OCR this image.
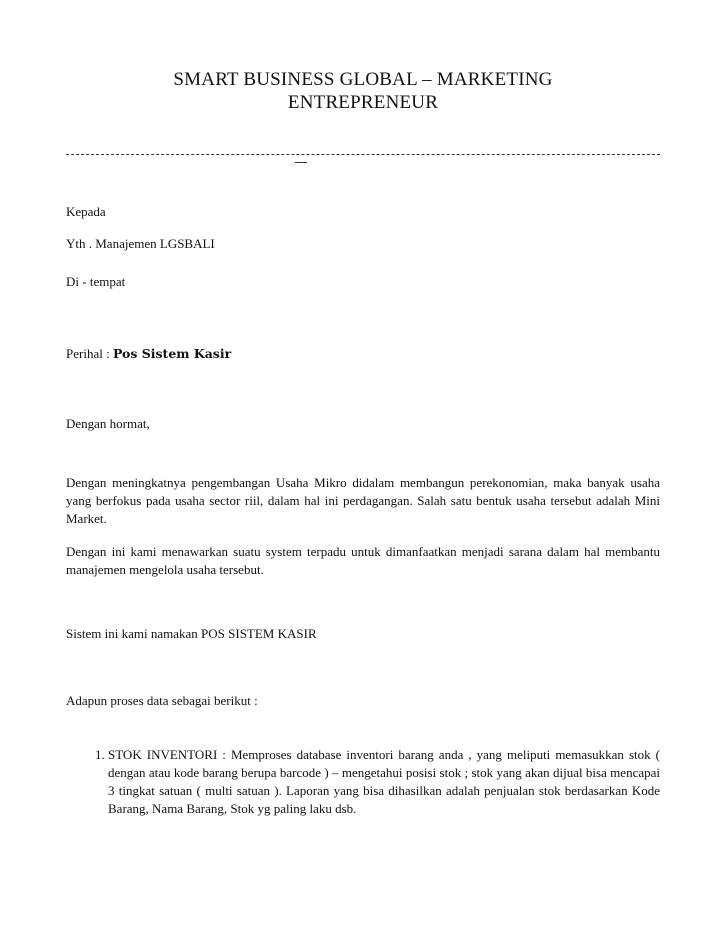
SMART BUSINESS GLOBAL – MARKETING
ENTREPRENEUR
Kepada
Yth . Manajemen LGSBALI
Di - tempat
Perihal : Pos Sistem Kasir
Dengan hormat,
Dengan meningkatnya pengembangan Usaha Mikro didalam membangun perekonomian, maka banyak usaha yang berfokus pada usaha sector riil, dalam hal ini perdagangan. Salah satu bentuk usaha tersebut adalah Mini Market.
Dengan ini kami menawarkan suatu system terpadu untuk dimanfaatkan menjadi sarana dalam hal membantu manajemen mengelola usaha tersebut.
Sistem ini kami namakan POS SISTEM KASIR
Adapun proses data sebagai berikut :
1. STOK INVENTORI : Memproses database inventori barang anda , yang meliputi memasukkan stok ( dengan atau kode barang berupa barcode ) – mengetahui posisi stok ; stok yang akan dijual bisa mencapai 3 tingkat satuan ( multi satuan ). Laporan yang bisa dihasilkan adalah penjualan stok berdasarkan Kode Barang, Nama Barang, Stok yg paling laku dsb.
